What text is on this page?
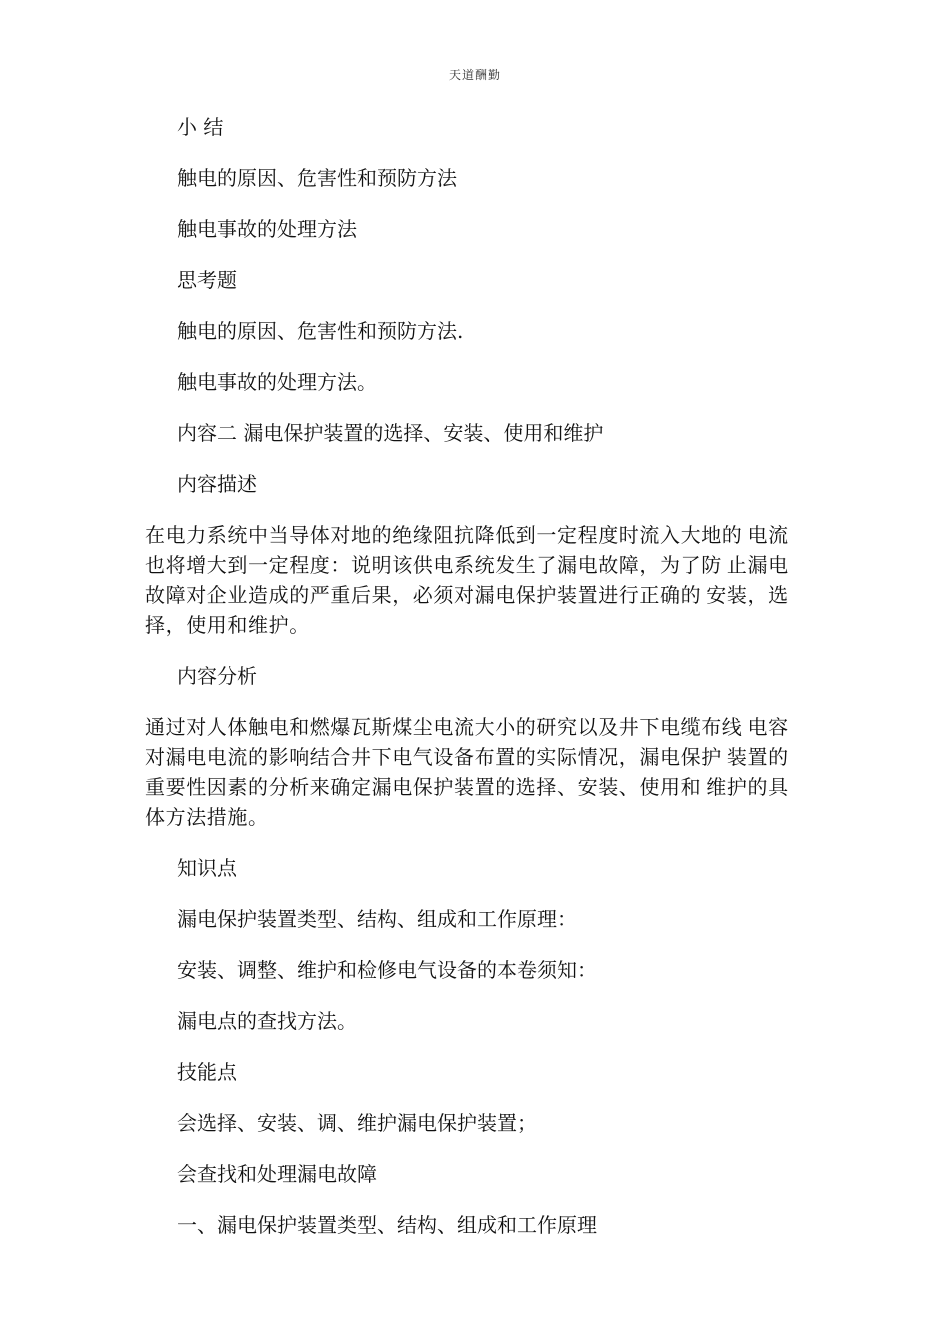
天道酬勤
小 结
触电的原因、危害性和预防方法
触电事故的处理方法
思考题
触电的原因、危害性和预防方法.
触电事故的处理方法。
内容二 漏电保护装置的选择、安装、使用和维护
内容描述
在电力系统中当导体对地的绝缘阻抗降低到一定程度时流入大地的 电流也将增大到一定程度：说明该供电系统发生了漏电故障，为了防 止漏电故障对企业造成的严重后果，必须对漏电保护装置进行正确的 安装，选择，使用和维护。
内容分析
通过对人体触电和燃爆瓦斯煤尘电流大小的研究以及井下电缆布线 电容对漏电电流的影响结合井下电气设备布置的实际情况，漏电保护 装置的重要性因素的分析来确定漏电保护装置的选择、安装、使用和 维护的具体方法措施。
知识点
漏电保护装置类型、结构、组成和工作原理：
安装、调整、维护和检修电气设备的本卷须知：
漏电点的查找方法。
技能点
会选择、安装、调、维护漏电保护装置；
会查找和处理漏电故障
一、漏电保护装置类型、结构、组成和工作原理
